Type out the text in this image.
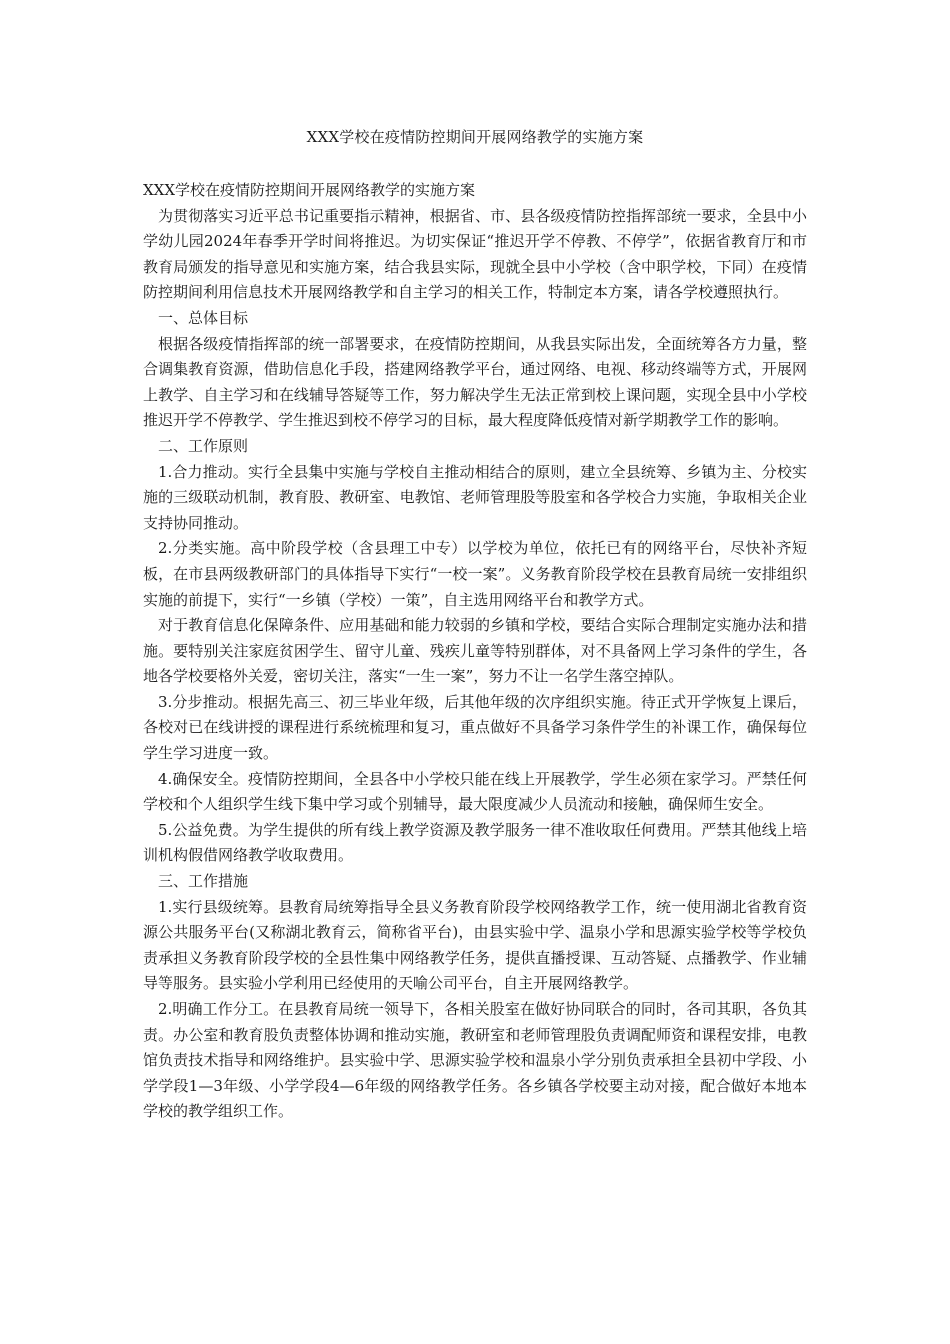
XXX学校在疫情防控期间开展网络教学的实施方案

XXX学校在疫情防控期间开展网络教学的实施方案

为贯彻落实习近平总书记重要指示精神，根据省、市、县各级疫情防控指挥部统一要求，全县中小学幼儿园2024年春季开学时间将推迟。为切实保证“推迟开学不停教、不停学”，依据省教育厅和市教育局颁发的指导意见和实施方案，结合我县实际，现就全县中小学校（含中职学校，下同）在疫情防控期间利用信息技术开展网络教学和自主学习的相关工作，特制定本方案，请各学校遵照执行。

一、总体目标

根据各级疫情指挥部的统一部署要求，在疫情防控期间，从我县实际出发，全面统筹各方力量，整合调集教育资源，借助信息化手段，搭建网络教学平台，通过网络、电视、移动终端等方式，开展网上教学、自主学习和在线辅导答疑等工作，努力解决学生无法正常到校上课问题，实现全县中小学校推迟开学不停教学、学生推迟到校不停学习的目标，最大程度降低疫情对新学期教学工作的影响。

二、工作原则

1.合力推动。实行全县集中实施与学校自主推动相结合的原则，建立全县统筹、乡镇为主、分校实施的三级联动机制，教育股、教研室、电教馆、老师管理股等股室和各学校合力实施，争取相关企业支持协同推动。

2.分类实施。高中阶段学校（含县理工中专）以学校为单位，依托已有的网络平台，尽快补齐短板，在市县两级教研部门的具体指导下实行“一校一案”。义务教育阶段学校在县教育局统一安排组织实施的前提下，实行“一乡镇（学校）一策”，自主选用网络平台和教学方式。

对于教育信息化保障条件、应用基础和能力较弱的乡镇和学校，要结合实际合理制定实施办法和措施。要特别关注家庭贫困学生、留守儿童、残疾儿童等特别群体，对不具备网上学习条件的学生，各地各学校要格外关爱，密切关注，落实“一生一案”，努力不让一名学生落空掉队。

3.分步推动。根据先高三、初三毕业年级，后其他年级的次序组织实施。待正式开学恢复上课后，各校对已在线讲授的课程进行系统梳理和复习，重点做好不具备学习条件学生的补课工作，确保每位学生学习进度一致。

4.确保安全。疫情防控期间，全县各中小学校只能在线上开展教学，学生必须在家学习。严禁任何学校和个人组织学生线下集中学习或个别辅导，最大限度减少人员流动和接触，确保师生安全。

5.公益免费。为学生提供的所有线上教学资源及教学服务一律不准收取任何费用。严禁其他线上培训机构假借网络教学收取费用。

三、工作措施

1.实行县级统筹。县教育局统筹指导全县义务教育阶段学校网络教学工作，统一使用湖北省教育资源公共服务平台(又称湖北教育云，简称省平台)，由县实验中学、温泉小学和思源实验学校等学校负责承担义务教育阶段学校的全县性集中网络教学任务，提供直播授课、互动答疑、点播教学、作业辅导等服务。县实验小学利用已经使用的天喻公司平台，自主开展网络教学。

2.明确工作分工。在县教育局统一领导下，各相关股室在做好协同联合的同时，各司其职，各负其责。办公室和教育股负责整体协调和推动实施，教研室和老师管理股负责调配师资和课程安排，电教馆负责技术指导和网络维护。县实验中学、思源实验学校和温泉小学分别负责承担全县初中学段、小学学段1—3年级、小学学段4—6年级的网络教学任务。各乡镇各学校要主动对接，配合做好本地本学校的教学组织工作。
